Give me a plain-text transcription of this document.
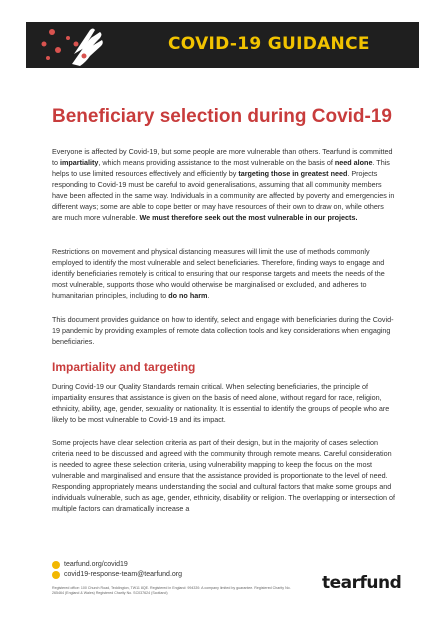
COVID-19 GUIDANCE
Beneficiary selection during Covid-19
Everyone is affected by Covid-19, but some people are more vulnerable than others. Tearfund is committed to impartiality, which means providing assistance to the most vulnerable on the basis of need alone. This helps to use limited resources effectively and efficiently by targeting those in greatest need. Projects responding to Covid-19 must be careful to avoid generalisations, assuming that all community members have been affected in the same way. Individuals in a community are affected by poverty and emergencies in different ways; some are able to cope better or may have resources of their own to draw on, while others are much more vulnerable. We must therefore seek out the most vulnerable in our projects.
Restrictions on movement and physical distancing measures will limit the use of methods commonly employed to identify the most vulnerable and select beneficiaries. Therefore, finding ways to engage and identify beneficiaries remotely is critical to ensuring that our response targets and meets the needs of the most vulnerable, supports those who would otherwise be marginalised or excluded, and adheres to humanitarian principles, including to do no harm.
This document provides guidance on how to identify, select and engage with beneficiaries during the Covid-19 pandemic by providing examples of remote data collection tools and key considerations when engaging beneficiaries.
Impartiality and targeting
During Covid-19 our Quality Standards remain critical. When selecting beneficiaries, the principle of impartiality ensures that assistance is given on the basis of need alone, without regard for race, religion, ethnicity, ability, age, gender, sexuality or nationality. It is essential to identify the groups of people who are likely to be most vulnerable to Covid-19 and its impact.
Some projects have clear selection criteria as part of their design, but in the majority of cases selection criteria need to be discussed and agreed with the community through remote means. Careful consideration is needed to agree these selection criteria, using vulnerability mapping to keep the focus on the most vulnerable and marginalised and ensure that the assistance provided is proportionate to the level of need. Responding appropriately means understanding the social and cultural factors that make some groups and individuals vulnerable, such as age, gender, ethnicity, disability or religion. The overlapping or intersection of multiple factors can dramatically increase a
tearfund.org/covid19
covid19-response-team@tearfund.org
Registered office: 100 Church Road, Teddington, TW11 8QE. Registered in England: 994339. A company limited by guarantee. Registered Charity No. 265464 (England & Wales) Registered Charity No. SC037624 (Scotland)	tearfund
